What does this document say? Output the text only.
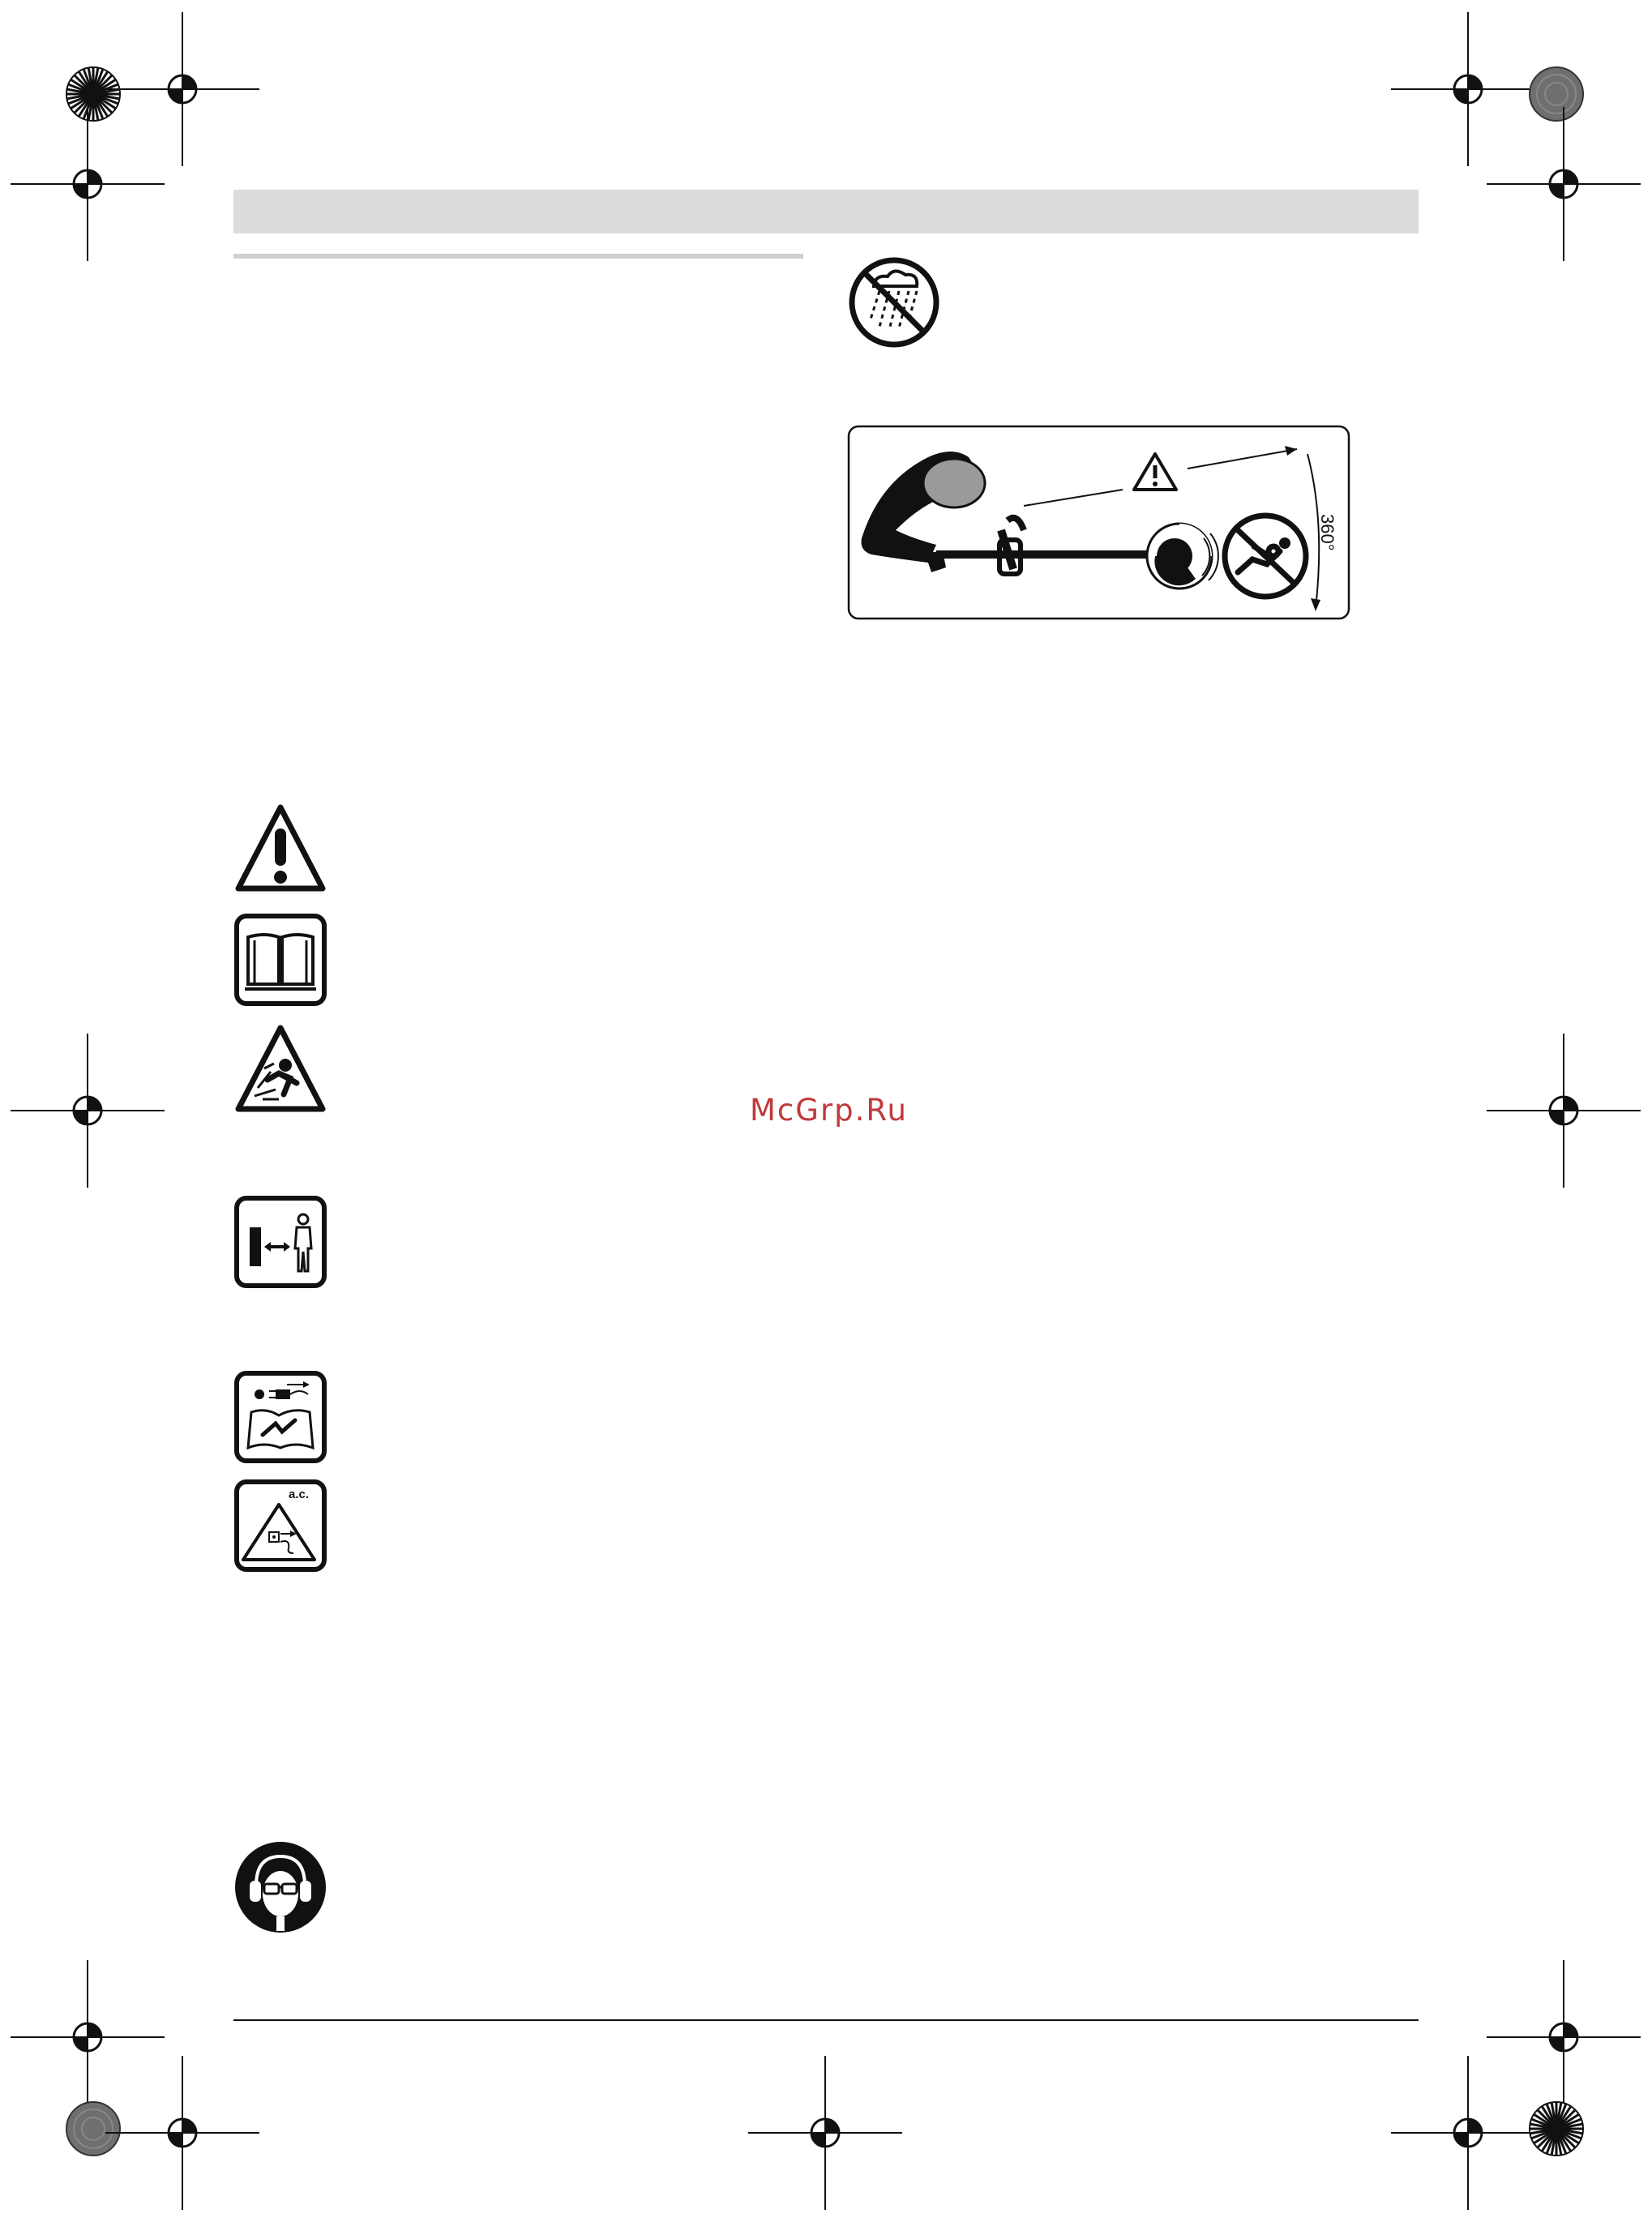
360°
a.c.
McGrp.Ru
